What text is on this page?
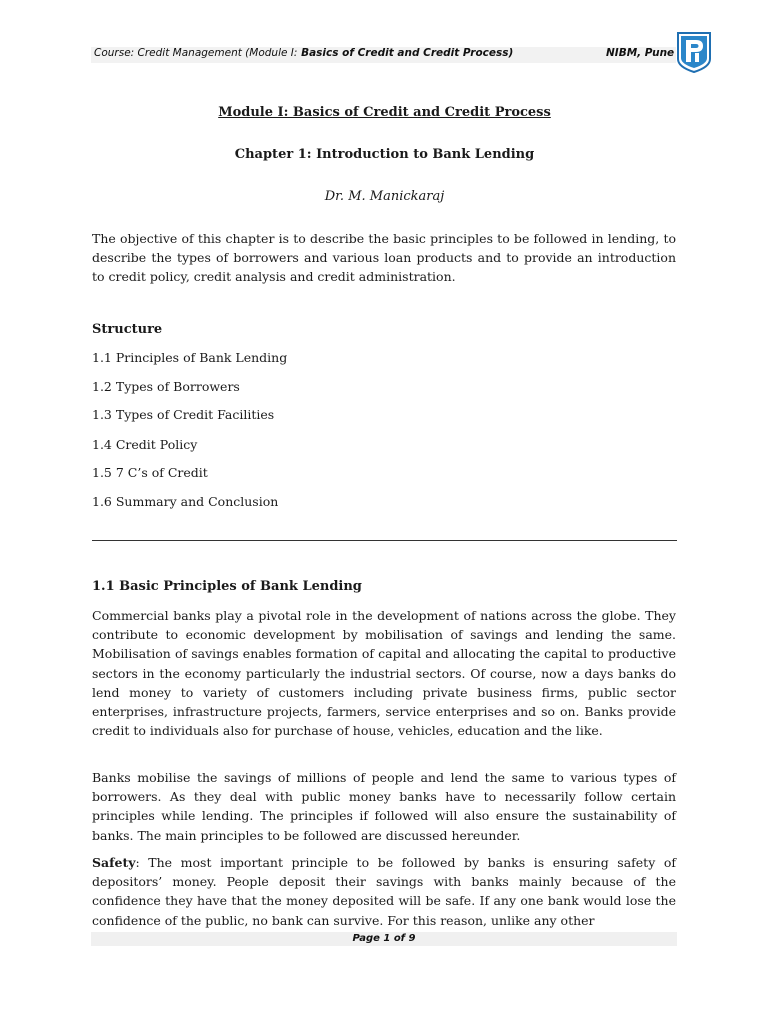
Course: Credit Management (Module I: Basics of Credit and Credit Process)	NIBM, Pune
Module I: Basics of Credit and Credit Process
Chapter 1: Introduction to Bank Lending
Dr. M. Manickaraj

The objective of this chapter is to describe the basic principles to be followed in lending, to describe the types of borrowers and various loan products and to provide an introduction to credit policy, credit analysis and credit administration.

Structure
1.1 Principles of Bank Lending
1.2 Types of Borrowers
1.3 Types of Credit Facilities
1.4 Credit Policy
1.5 7 C’s of Credit
1.6 Summary and Conclusion
1.1 Basic Principles of Bank Lending

Commercial banks play a pivotal role in the development of nations across the globe. They contribute to economic development by mobilisation of savings and lending the same. Mobilisation of savings enables formation of capital and allocating the capital to productive sectors in the economy particularly the industrial sectors. Of course, now a days banks do lend money to variety of customers including private business firms, public sector enterprises, infrastructure projects, farmers, service enterprises and so on. Banks provide credit to individuals also for purchase of house, vehicles, education and the like.

Banks mobilise the savings of millions of people and lend the same to various types of borrowers. As they deal with public money banks have to necessarily follow certain principles while lending. The principles if followed will also ensure the sustainability of banks. The main principles to be followed are discussed hereunder.

Safety: The most important principle to be followed by banks is ensuring safety of depositors’ money. People deposit their savings with banks mainly because of the confidence they have that the money deposited will be safe. If any one bank would lose the confidence of the public, no bank can survive. For this reason, unlike any other

Page 1 of 9
